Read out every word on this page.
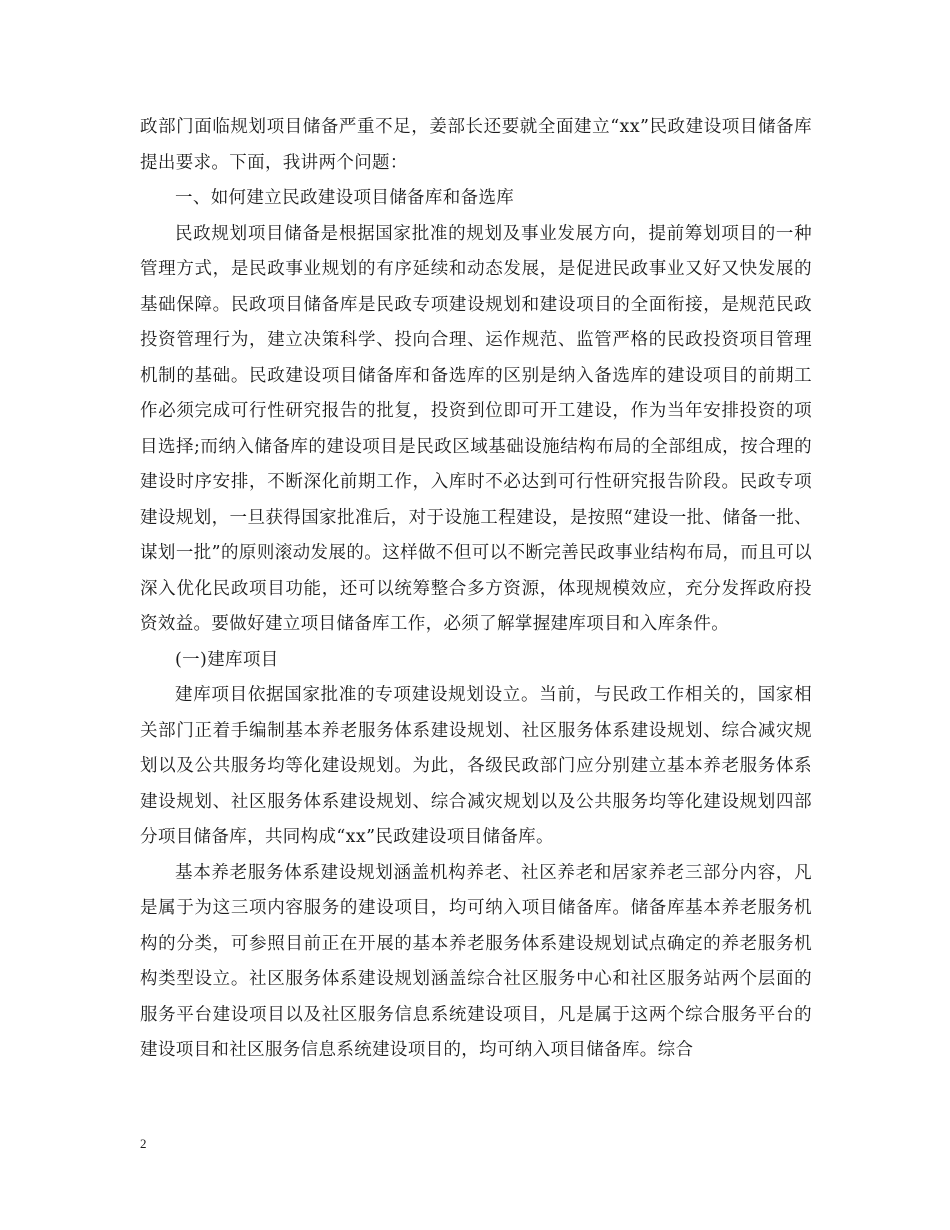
政部门面临规划项目储备严重不足，姜部长还要就全面建立“xx”民政建设项目储备库提出要求。下面，我讲两个问题：

一、如何建立民政建设项目储备库和备选库

民政规划项目储备是根据国家批准的规划及事业发展方向，提前筹划项目的一种管理方式，是民政事业规划的有序延续和动态发展，是促进民政事业又好又快发展的基础保障。民政项目储备库是民政专项建设规划和建设项目的全面衔接，是规范民政投资管理行为，建立决策科学、投向合理、运作规范、监管严格的民政投资项目管理机制的基础。民政建设项目储备库和备选库的区别是纳入备选库的建设项目的前期工作必须完成可行性研究报告的批复，投资到位即可开工建设，作为当年安排投资的项目选择;而纳入储备库的建设项目是民政区域基础设施结构布局的全部组成，按合理的建设时序安排，不断深化前期工作，入库时不必达到可行性研究报告阶段。民政专项建设规划，一旦获得国家批准后，对于设施工程建设，是按照“建设一批、储备一批、谋划一批”的原则滚动发展的。这样做不但可以不断完善民政事业结构布局，而且可以深入优化民政项目功能，还可以统筹整合多方资源，体现规模效应，充分发挥政府投资效益。要做好建立项目储备库工作，必须了解掌握建库项目和入库条件。

(一)建库项目

建库项目依据国家批准的专项建设规划设立。当前，与民政工作相关的，国家相关部门正着手编制基本养老服务体系建设规划、社区服务体系建设规划、综合减灾规划以及公共服务均等化建设规划。为此，各级民政部门应分别建立基本养老服务体系建设规划、社区服务体系建设规划、综合减灾规划以及公共服务均等化建设规划四部分项目储备库，共同构成“xx”民政建设项目储备库。

基本养老服务体系建设规划涵盖机构养老、社区养老和居家养老三部分内容，凡是属于为这三项内容服务的建设项目，均可纳入项目储备库。储备库基本养老服务机构的分类，可参照目前正在开展的基本养老服务体系建设规划试点确定的养老服务机构类型设立。社区服务体系建设规划涵盖综合社区服务中心和社区服务站两个层面的服务平台建设项目以及社区服务信息系统建设项目，凡是属于这两个综合服务平台的建设项目和社区服务信息系统建设项目的，均可纳入项目储备库。综合

2
